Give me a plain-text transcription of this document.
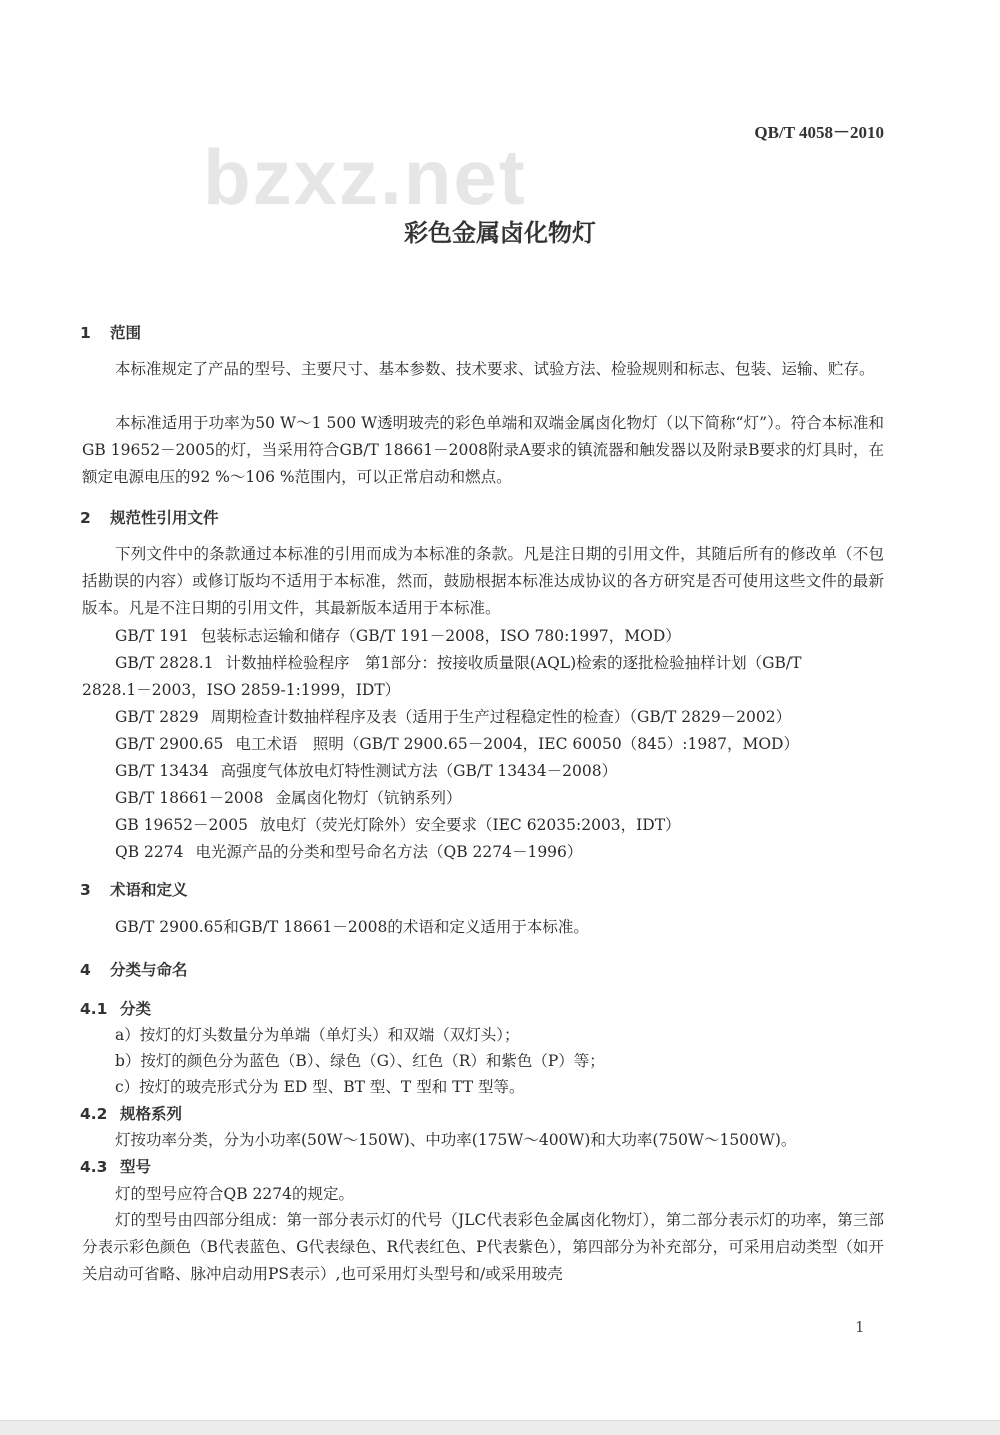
QB/T 4058－2010
bzxz.net
彩色金属卤化物灯
1 范围
本标准规定了产品的型号、主要尺寸、基本参数、技术要求、试验方法、检验规则和标志、包装、运输、贮存。
本标准适用于功率为50 W～1 500 W透明玻壳的彩色单端和双端金属卤化物灯（以下简称“灯”）。符合本标准和GB 19652－2005的灯，当采用符合GB/T 18661－2008附录A要求的镇流器和触发器以及附录B要求的灯具时，在额定电源电压的92 %～106 %范围内，可以正常启动和燃点。
2 规范性引用文件
下列文件中的条款通过本标准的引用而成为本标准的条款。凡是注日期的引用文件，其随后所有的修改单（不包括勘误的内容）或修订版均不适用于本标准，然而，鼓励根据本标准达成协议的各方研究是否可使用这些文件的最新版本。凡是不注日期的引用文件，其最新版本适用于本标准。
GB/T 191 包装标志运输和储存（GB/T 191－2008，ISO 780:1997，MOD）
GB/T 2828.1 计数抽样检验程序　第1部分：按接收质量限(AQL)检索的逐批检验抽样计划（GB/T
2828.1－2003，ISO 2859-1:1999，IDT）
GB/T 2829 周期检查计数抽样程序及表（适用于生产过程稳定性的检查）（GB/T 2829－2002）
GB/T 2900.65 电工术语　照明（GB/T 2900.65－2004，IEC 60050（845）:1987，MOD）
GB/T 13434 高强度气体放电灯特性测试方法（GB/T 13434－2008）
GB/T 18661－2008 金属卤化物灯（钪钠系列）
GB 19652－2005 放电灯（荧光灯除外）安全要求（IEC 62035:2003，IDT）
QB 2274 电光源产品的分类和型号命名方法（QB 2274－1996）
3 术语和定义
GB/T 2900.65和GB/T 18661－2008的术语和定义适用于本标准。
4 分类与命名
4.1 分类
a）按灯的灯头数量分为单端（单灯头）和双端（双灯头）；
b）按灯的颜色分为蓝色（B）、绿色（G）、红色（R）和紫色（P）等；
c）按灯的玻壳形式分为 ED 型、BT 型、T 型和 TT 型等。
4.2 规格系列
灯按功率分类，分为小功率(50W～150W)、中功率(175W～400W)和大功率(750W～1500W)。
4.3 型号
灯的型号应符合QB 2274的规定。
灯的型号由四部分组成：第一部分表示灯的代号（JLC代表彩色金属卤化物灯），第二部分表示灯的功率，第三部分表示彩色颜色（B代表蓝色、G代表绿色、R代表红色、P代表紫色），第四部分为补充部分，可采用启动类型（如开关启动可省略、脉冲启动用PS表示）,也可采用灯头型号和/或采用玻壳
1
